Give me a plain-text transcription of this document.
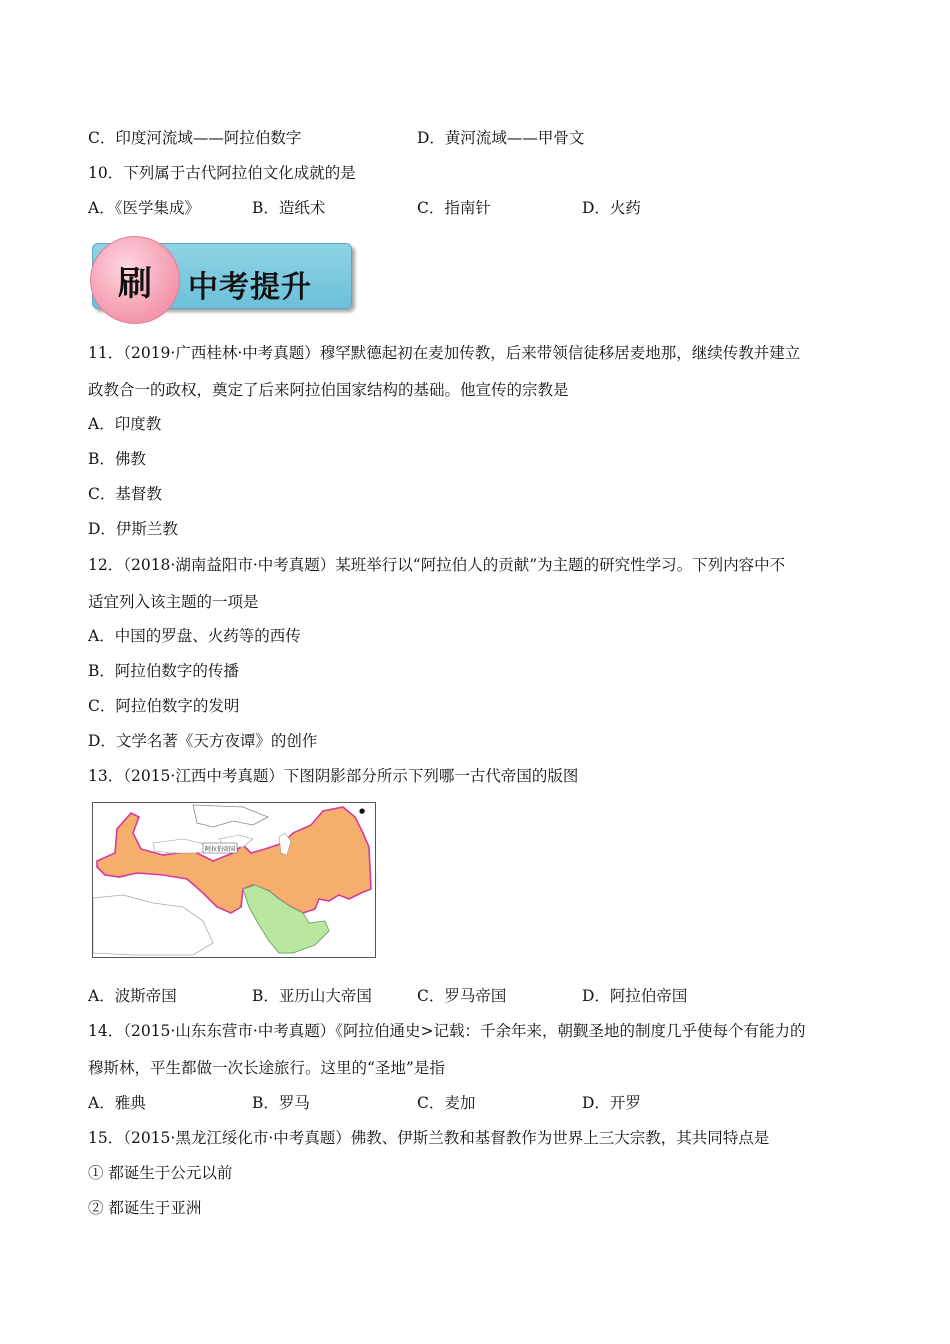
C．印度河流域——阿拉伯数字	D．黄河流域——甲骨文
10．下列属于古代阿拉伯文化成就的是
A．《医学集成》	B．造纸术	C．指南针	D．火药
刷 中考提升
11．（2019·广西桂林·中考真题）穆罕默德起初在麦加传教，后来带领信徒移居麦地那，继续传教并建立
政教合一的政权，奠定了后来阿拉伯国家结构的基础。他宣传的宗教是
A．印度教
B．佛教
C．基督教
D．伊斯兰教
12．（2018·湖南益阳市·中考真题）某班举行以“阿拉伯人的贡献”为主题的研究性学习。下列内容中不
适宜列入该主题的一项是
A．中国的罗盘、火药等的西传
B．阿拉伯数字的传播
C．阿拉伯数字的发明
D．文学名著《天方夜谭》的创作
13．（2015·江西中考真题）下图阴影部分所示下列哪一古代帝国的版图
阿拉伯帝国
●
A．波斯帝国	B．亚历山大帝国	C．罗马帝国	D．阿拉伯帝国
14．（2015·山东东营市·中考真题）《阿拉伯通史>记载：千余年来，朝觐圣地的制度几乎使每个有能力的
穆斯林，平生都做一次长途旅行。这里的“圣地”是指
A．雅典	B．罗马	C．麦加	D．开罗
15．（2015·黑龙江绥化市·中考真题）佛教、伊斯兰教和基督教作为世界上三大宗教，其共同特点是
① 都诞生于公元以前
② 都诞生于亚洲
